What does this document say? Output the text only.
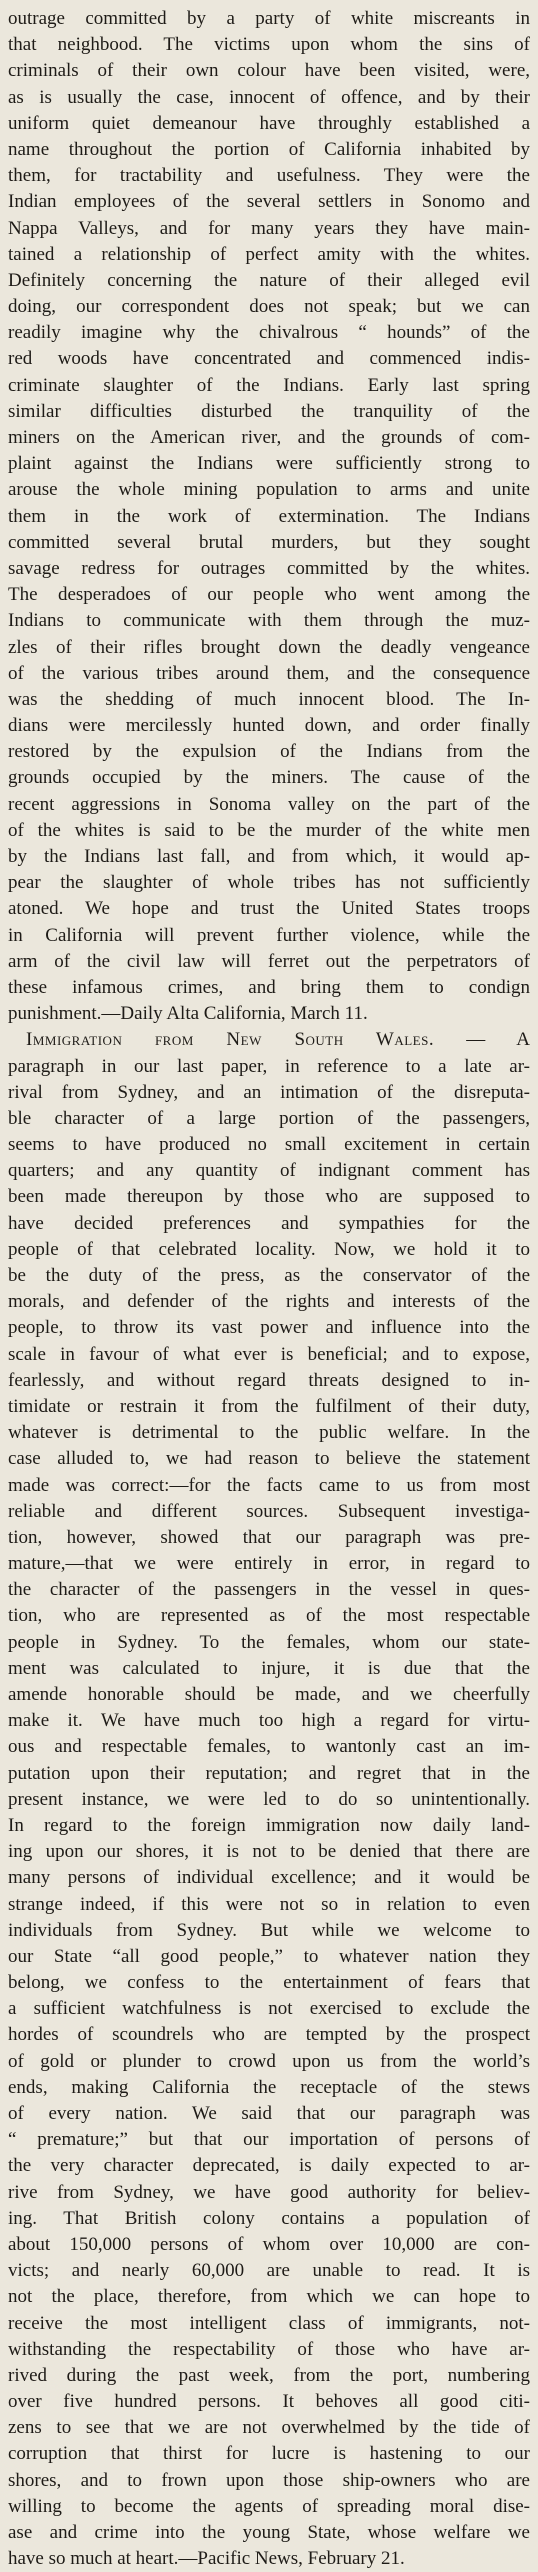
outrage committed by a party of white miscreants in
that neighbood. The victims upon whom the sins of
criminals of their own colour have been visited, were,
as is usually the case, innocent of offence, and by their
uniform quiet demeanour have throughly established a
name throughout the portion of California inhabited by
them, for tractability and usefulness. They were the
Indian employees of the several settlers in Sonomo and
Nappa Valleys, and for many years they have main-
tained a relationship of perfect amity with the whites.
Definitely concerning the nature of their alleged evil
doing, our correspondent does not speak; but we can
readily imagine why the chivalrous “ hounds” of the
red woods have concentrated and commenced indis-
criminate slaughter of the Indians. Early last spring
similar difficulties disturbed the tranquility of the
miners on the American river, and the grounds of com-
plaint against the Indians were sufficiently strong to
arouse the whole mining population to arms and unite
them in the work of extermination. The Indians
committed several brutal murders, but they sought
savage redress for outrages committed by the whites.
The desperadoes of our people who went among the
Indians to communicate with them through the muz-
zles of their rifles brought down the deadly vengeance
of the various tribes around them, and the consequence
was the shedding of much innocent blood. The In-
dians were mercilessly hunted down, and order finally
restored by the expulsion of the Indians from the
grounds occupied by the miners. The cause of the
recent aggressions in Sonoma valley on the part of the
of the whites is said to be the murder of the white men
by the Indians last fall, and from which, it would ap-
pear the slaughter of whole tribes has not sufficiently
atoned. We hope and trust the United States troops
in California will prevent further violence, while the
arm of the civil law will ferret out the perpetrators of
these infamous crimes, and bring them to condign
punishment.—Daily Alta California, March 11.
Immigration from New South Wales. — A
paragraph in our last paper, in reference to a late ar-
rival from Sydney, and an intimation of the disreputa-
ble character of a large portion of the passengers,
seems to have produced no small excitement in certain
quarters; and any quantity of indignant comment has
been made thereupon by those who are supposed to
have decided preferences and sympathies for the
people of that celebrated locality. Now, we hold it to
be the duty of the press, as the conservator of the
morals, and defender of the rights and interests of the
people, to throw its vast power and influence into the
scale in favour of what ever is beneficial; and to expose,
fearlessly, and without regard threats designed to in-
timidate or restrain it from the fulfilment of their duty,
whatever is detrimental to the public welfare. In the
case alluded to, we had reason to believe the statement
made was correct:—for the facts came to us from most
reliable and different sources. Subsequent investiga-
tion, however, showed that our paragraph was pre-
mature,—that we were entirely in error, in regard to
the character of the passengers in the vessel in ques-
tion, who are represented as of the most respectable
people in Sydney. To the females, whom our state-
ment was calculated to injure, it is due that the
amende honorable should be made, and we cheerfully
make it. We have much too high a regard for virtu-
ous and respectable females, to wantonly cast an im-
putation upon their reputation; and regret that in the
present instance, we were led to do so unintentionally.
In regard to the foreign immigration now daily land-
ing upon our shores, it is not to be denied that there are
many persons of individual excellence; and it would be
strange indeed, if this were not so in relation to even
individuals from Sydney. But while we welcome to
our State “all good people,” to whatever nation they
belong, we confess to the entertainment of fears that
a sufficient watchfulness is not exercised to exclude the
hordes of scoundrels who are tempted by the prospect
of gold or plunder to crowd upon us from the world’s
ends, making California the receptacle of the stews
of every nation. We said that our paragraph was
“ premature;” but that our importation of persons of
the very character deprecated, is daily expected to ar-
rive from Sydney, we have good authority for believ-
ing. That British colony contains a population of
about 150,000 persons of whom over 10,000 are con-
victs; and nearly 60,000 are unable to read. It is
not the place, therefore, from which we can hope to
receive the most intelligent class of immigrants, not-
withstanding the respectability of those who have ar-
rived during the past week, from the port, numbering
over five hundred persons. It behoves all good citi-
zens to see that we are not overwhelmed by the tide of
corruption that thirst for lucre is hastening to our
shores, and to frown upon those ship-owners who are
willing to become the agents of spreading moral dise-
ase and crime into the young State, whose welfare we
have so much at heart.—Pacific News, February 21.
